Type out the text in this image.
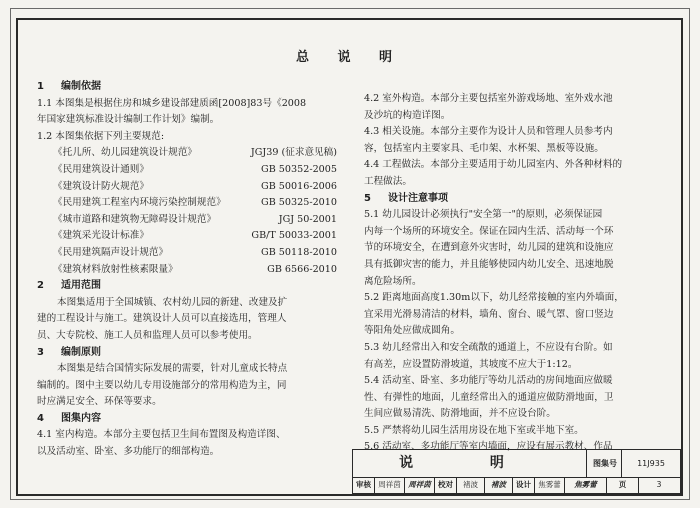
总 说 明
1 编制依据
1.1 本图集是根据住房和城乡建设部建质函[2008]83号《2008
年国家建筑标准设计编制工作计划》编制。
1.2 本图集依据下列主要规范:
《托儿所、幼儿园建筑设计规范》	JGJ39 (征求意见稿)
《民用建筑设计通则》	GB 50352-2005
《建筑设计防火规范》	GB 50016-2006
《民用建筑工程室内环境污染控制规范》	GB 50325-2010
《城市道路和建筑物无障碍设计规范》	JGJ 50-2001
《建筑采光设计标准》	GB/T 50033-2001
《民用建筑隔声设计规范》	GB 50118-2010
《建筑材料放射性核素限量》	GB 6566-2010
2 适用范围
本图集适用于全国城镇、农村幼儿园的新建、改建及扩
建的工程设计与施工。建筑设计人员可以直接选用，管理人
员、大专院校、施工人员和监理人员可以参考使用。
3 编制原则
本图集是结合国情实际发展的需要，针对儿童成长特点
编制的。图中主要以幼儿专用设施部分的常用构造为主，同
时应满足安全、环保等要求。
4 图集内容
4.1 室内构造。本部分主要包括卫生间布置图及构造详图、
以及活动室、卧室、多功能厅的细部构造。
4.2 室外构造。本部分主要包括室外游戏场地、室外戏水池
及沙坑的构造详图。
4.3 相关设施。本部分主要作为设计人员和管理人员参考内
容，包括室内主要家具、毛巾架、水杯架、黑板等设施。
4.4 工程做法。本部分主要适用于幼儿园室内、外各种材料的
工程做法。
5 设计注意事项
5.1 幼儿园设计必须执行"安全第一"的原则，必须保证园
内每一个场所的环境安全。保证在园内生活、活动每一个环
节的环境安全，在遭到意外灾害时，幼儿园的建筑和设施应
具有抵御灾害的能力，并且能够使园内幼儿安全、迅速地脱
离危险场所。
5.2 距离地面高度1.30m以下，幼儿经常接触的室内外墙面，
宜采用光滑易清洁的材料，墙角、窗台、暖气罩、窗口竖边
等阳角处应做成圆角。
5.3 幼儿经常出入和安全疏散的通道上，不应设有台阶。如
有高差，应设置防滑坡道，其坡度不应大于1:12。
5.4 活动室、卧室、多功能厅等幼儿活动的房间地面应做暖
性、有弹性的地面，儿童经常出入的通道应做防滑地面，卫
生间应做易清洗、防滑地面，并不应设台阶。
5.5 严禁将幼儿园生活用房设在地下室或半地下室。
5.6 活动室、多功能厅等室内墙面，应设有展示教材、作品
说 明	图集号	11J935
审核 周祥茵	周祥茵 校对	褚波	褚波	设计 焦雾蕾	焦雾蕾	页	3
